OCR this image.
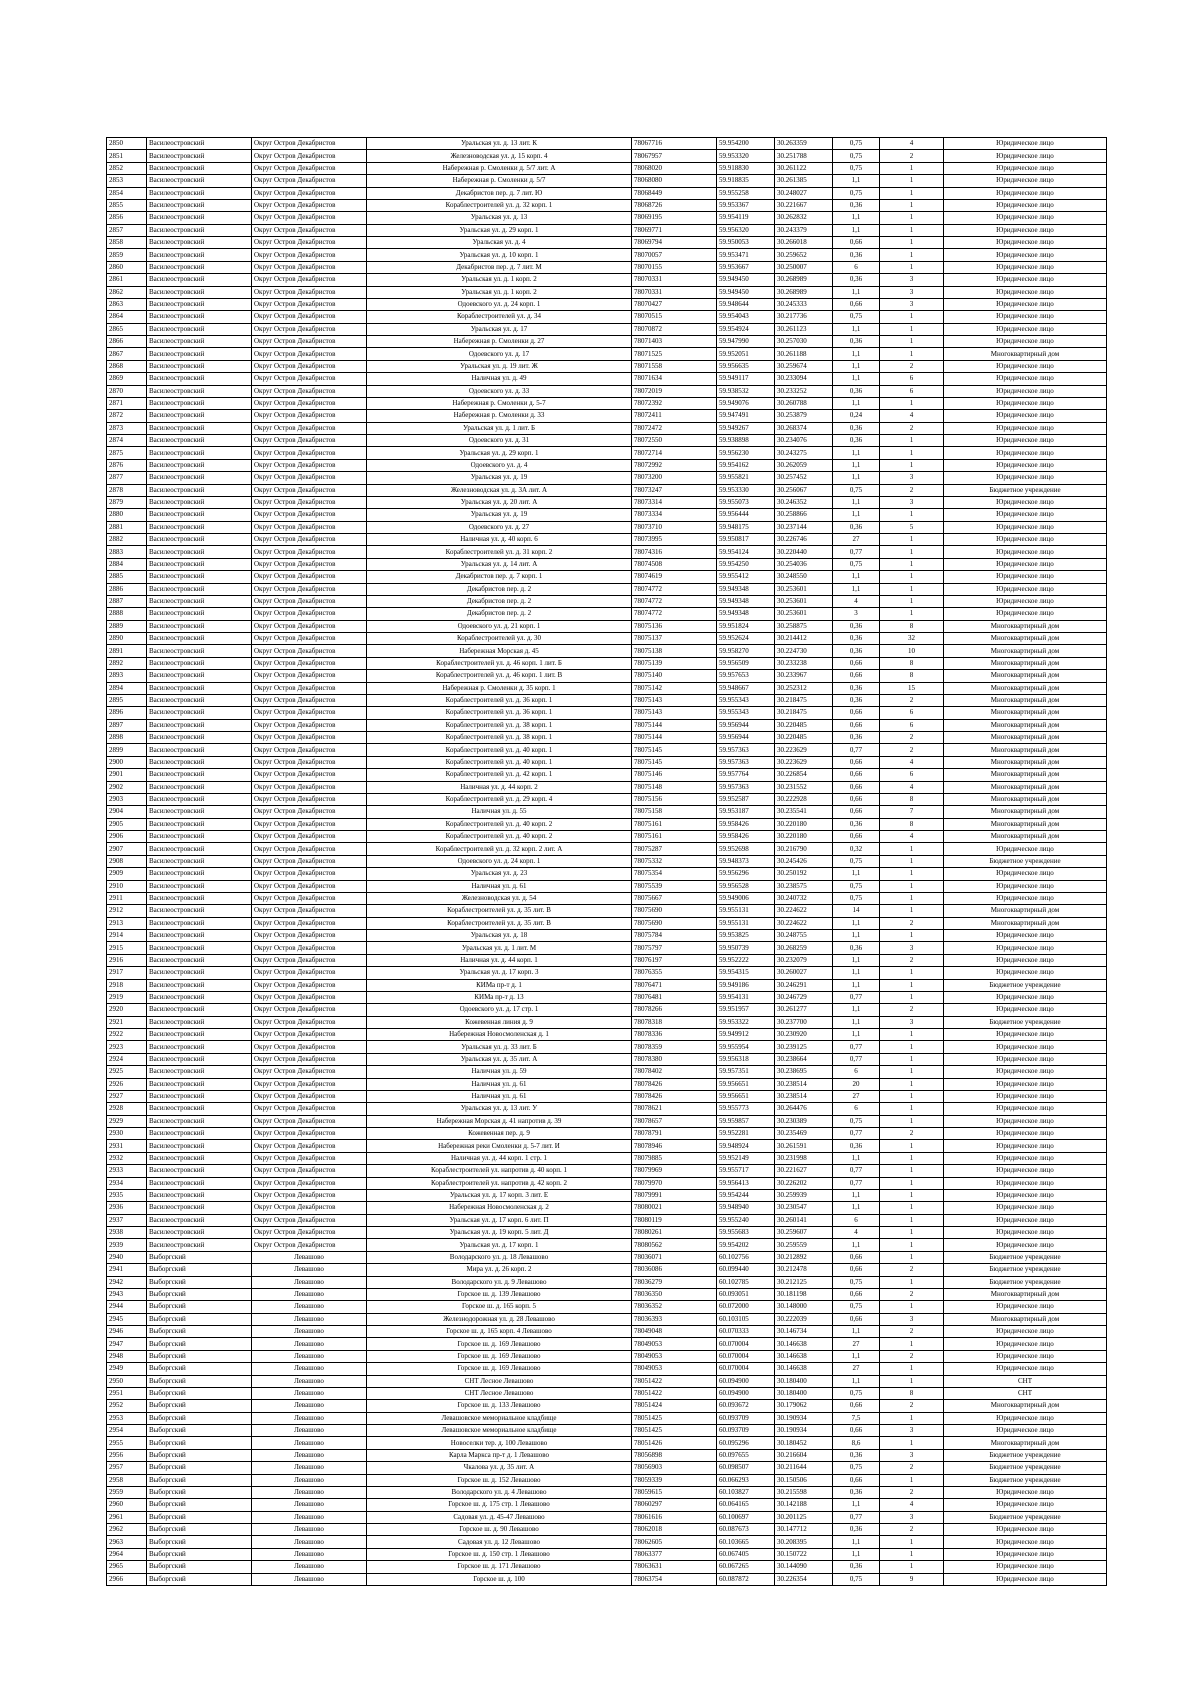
2850	Василеостровский	Округ Остров Декабристов	Уральская ул. д. 13 лит. К	78067716	59.954200	30.263359	0,75	4	Юридическое лицо
2851	Василеостровский	Округ Остров Декабристов	Железноводская ул. д. 15 корп. 4	78067957	59.953320	30.251788	0,75	2	Юридическое лицо
2852	Василеостровский	Округ Остров Декабристов	Набережная р. Смоленки д. 5/7 лит. А	78068020	59.918830	30.261122	0,75	1	Юридическое лицо
2853	Василеостровский	Округ Остров Декабристов	Набережная р. Смоленки д. 5/7	78068080	59.918835	30.261385	1,1	1	Юридическое лицо
2854	Василеостровский	Округ Остров Декабристов	Декабристов пер. д. 7 лит. Ю	78068449	59.955258	30.248027	0,75	1	Юридическое лицо
2855	Василеостровский	Округ Остров Декабристов	Кораблестроителей ул. д. 32 корп. 1	78068726	59.953367	30.221667	0,36	1	Юридическое лицо
2856	Василеостровский	Округ Остров Декабристов	Уральская ул. д. 13	78069195	59.954119	30.262832	1,1	1	Юридическое лицо
2857	Василеостровский	Округ Остров Декабристов	Уральская ул. д. 29 корп. 1	78069771	59.956320	30.243379	1,1	1	Юридическое лицо
2858	Василеостровский	Округ Остров Декабристов	Уральская ул. д. 4	78069794	59.950053	30.266018	0,66	1	Юридическое лицо
2859	Василеостровский	Округ Остров Декабристов	Уральская ул. д. 10 корп. 1	78070057	59.953471	30.259652	0,36	1	Юридическое лицо
2860	Василеостровский	Округ Остров Декабристов	Декабристов пер. д. 7 лит. М	78070155	59.953667	30.250007	6	1	Юридическое лицо
2861	Василеостровский	Округ Остров Декабристов	Уральская ул. д. 1 корп. 2	78070331	59.949450	30.268989	0,36	3	Юридическое лицо
2862	Василеостровский	Округ Остров Декабристов	Уральская ул. д. 1 корп. 2	78070331	59.949450	30.268989	1,1	3	Юридическое лицо
2863	Василеостровский	Округ Остров Декабристов	Одоевского ул. д. 24 корп. 1	78070427	59.948644	30.245333	0,66	3	Юридическое лицо
2864	Василеостровский	Округ Остров Декабристов	Кораблестроителей ул. д. 34	78070515	59.954043	30.217736	0,75	1	Юридическое лицо
2865	Василеостровский	Округ Остров Декабристов	Уральская ул. д. 17	78070872	59.954924	30.261123	1,1	1	Юридическое лицо
2866	Василеостровский	Округ Остров Декабристов	Набережная р. Смоленки д. 27	78071403	59.947990	30.257030	0,36	1	Юридическое лицо
2867	Василеостровский	Округ Остров Декабристов	Одоевского ул. д. 17	78071525	59.952051	30.261188	1,1	1	Многоквартирный дом
2868	Василеостровский	Округ Остров Декабристов	Уральская ул. д. 19 лит. Ж	78071558	59.956635	30.259674	1,1	2	Юридическое лицо
2869	Василеостровский	Округ Остров Декабристов	Наличная ул. д. 49	78071634	59.949117	30.233094	1,1	6	Юридическое лицо
2870	Василеостровский	Округ Остров Декабристов	Одоевского ул. д. 33	78072019	59.938532	30.233252	0,36	6	Юридическое лицо
2871	Василеостровский	Округ Остров Декабристов	Набережная р. Смоленки д. 5-7	78072392	59.949076	30.260788	1,1	1	Юридическое лицо
2872	Василеостровский	Округ Остров Декабристов	Набережная р. Смоленки д. 33	78072411	59.947491	30.253879	0,24	4	Юридическое лицо
2873	Василеостровский	Округ Остров Декабристов	Уральская ул. д. 1 лит. Б	78072472	59.949267	30.268374	0,36	2	Юридическое лицо
2874	Василеостровский	Округ Остров Декабристов	Одоевского ул. д. 31	78072550	59.938898	30.234076	0,36	1	Юридическое лицо
2875	Василеостровский	Округ Остров Декабристов	Уральская ул. д. 29 корп. 1	78072714	59.956230	30.243275	1,1	1	Юридическое лицо
2876	Василеостровский	Округ Остров Декабристов	Одоевского ул. д. 4	78072992	59.954162	30.262059	1,1	1	Юридическое лицо
2877	Василеостровский	Округ Остров Декабристов	Уральская ул. д. 19	78073200	59.955821	30.257452	1,1	3	Юридическое лицо
2878	Василеостровский	Округ Остров Декабристов	Железноводская ул. д. 3А лит. А	78073247	59.953330	30.256067	0,75	2	Бюджетное учреждение
2879	Василеостровский	Округ Остров Декабристов	Уральская ул. д. 20 лит. А	78073314	59.955073	30.246352	1,1	3	Юридическое лицо
2880	Василеостровский	Округ Остров Декабристов	Уральская ул. д. 19	78073334	59.956444	30.258866	1,1	1	Юридическое лицо
2881	Василеостровский	Округ Остров Декабристов	Одоевского ул. д. 27	78073710	59.948175	30.237144	0,36	5	Юридическое лицо
2882	Василеостровский	Округ Остров Декабристов	Наличная ул. д. 40 корп. 6	78073995	59.950817	30.226746	27	1	Юридическое лицо
2883	Василеостровский	Округ Остров Декабристов	Кораблестроителей ул. д. 31 корп. 2	78074316	59.954124	30.220440	0,77	1	Юридическое лицо
2884	Василеостровский	Округ Остров Декабристов	Уральская ул. д. 14 лит. А	78074508	59.954250	30.254036	0,75	1	Юридическое лицо
2885	Василеостровский	Округ Остров Декабристов	Декабристов пер. д. 7 корп. 1	78074619	59.955412	30.248550	1,1	1	Юридическое лицо
2886	Василеостровский	Округ Остров Декабристов	Декабристов пер. д. 2	78074772	59.949348	30.253601	1,1	1	Юридическое лицо
2887	Василеостровский	Округ Остров Декабристов	Декабристов пер. д. 2	78074772	59.949348	30.253601	4	1	Юридическое лицо
2888	Василеостровский	Округ Остров Декабристов	Декабристов пер. д. 2	78074772	59.949348	30.253601	3	1	Юридическое лицо
2889	Василеостровский	Округ Остров Декабристов	Одоевского ул. д. 21 корп. 1	78075136	59.951824	30.258875	0,36	8	Многоквартирный дом
2890	Василеостровский	Округ Остров Декабристов	Кораблестроителей ул. д. 30	78075137	59.952624	30.214412	0,36	32	Многоквартирный дом
2891	Василеостровский	Округ Остров Декабристов	Набережная Морская д. 45	78075138	59.958270	30.224730	0,36	10	Многоквартирный дом
2892	Василеостровский	Округ Остров Декабристов	Кораблестроителей ул. д. 46 корп. 1 лит. Б	78075139	59.956509	30.233238	0,66	8	Многоквартирный дом
2893	Василеостровский	Округ Остров Декабристов	Кораблестроителей ул. д. 46 корп. 1 лит. В	78075140	59.957653	30.233967	0,66	8	Многоквартирный дом
2894	Василеостровский	Округ Остров Декабристов	Набережная р. Смоленки д. 35 корп. 1	78075142	59.948667	30.252312	0,36	15	Многоквартирный дом
2895	Василеостровский	Округ Остров Декабристов	Кораблестроителей ул. д. 36 корп. 1	78075143	59.955343	30.218475	0,36	2	Многоквартирный дом
2896	Василеостровский	Округ Остров Декабристов	Кораблестроителей ул. д. 36 корп. 1	78075143	59.955343	30.218475	0,66	6	Многоквартирный дом
2897	Василеостровский	Округ Остров Декабристов	Кораблестроителей ул. д. 38 корп. 1	78075144	59.956944	30.220485	0,66	6	Многоквартирный дом
2898	Василеостровский	Округ Остров Декабристов	Кораблестроителей ул. д. 38 корп. 1	78075144	59.956944	30.220485	0,36	2	Многоквартирный дом
2899	Василеостровский	Округ Остров Декабристов	Кораблестроителей ул. д. 40 корп. 1	78075145	59.957363	30.223629	0,77	2	Многоквартирный дом
2900	Василеостровский	Округ Остров Декабристов	Кораблестроителей ул. д. 40 корп. 1	78075145	59.957363	30.223629	0,66	4	Многоквартирный дом
2901	Василеостровский	Округ Остров Декабристов	Кораблестроителей ул. д. 42 корп. 1	78075146	59.957764	30.226854	0,66	6	Многоквартирный дом
2902	Василеостровский	Округ Остров Декабристов	Наличная ул. д. 44 корп. 2	78075148	59.957363	30.231552	0,66	4	Многоквартирный дом
2903	Василеостровский	Округ Остров Декабристов	Кораблестроителей ул. д. 29 корп. 4	78075156	59.952587	30.222928	0,66	8	Многоквартирный дом
2904	Василеостровский	Округ Остров Декабристов	Наличная ул. д. 55	78075158	59.953187	30.235541	0,66	7	Многоквартирный дом
2905	Василеостровский	Округ Остров Декабристов	Кораблестроителей ул. д. 40 корп. 2	78075161	59.958426	30.220180	0,36	8	Многоквартирный дом
2906	Василеостровский	Округ Остров Декабристов	Кораблестроителей ул. д. 40 корп. 2	78075161	59.958426	30.220180	0,66	4	Многоквартирный дом
2907	Василеостровский	Округ Остров Декабристов	Кораблестроителей ул. д. 32 корп. 2 лит. А	78075287	59.952698	30.216790	0,32	1	Юридическое лицо
2908	Василеостровский	Округ Остров Декабристов	Одоевского ул. д. 24 корп. 1	78075332	59.948373	30.245426	0,75	1	Бюджетное учреждение
2909	Василеостровский	Округ Остров Декабристов	Уральская ул. д. 23	78075354	59.956296	30.250192	1,1	1	Юридическое лицо
2910	Василеостровский	Округ Остров Декабристов	Наличная ул. д. 61	78075539	59.956528	30.238575	0,75	1	Юридическое лицо
2911	Василеостровский	Округ Остров Декабристов	Железноводская ул. д. 54	78075667	59.949006	30.240732	0,75	1	Юридическое лицо
2912	Василеостровский	Округ Остров Декабристов	Кораблестроителей ул. д. 35 лит. В	78075690	59.955131	30.224622	14	1	Многоквартирный дом
2913	Василеостровский	Округ Остров Декабристов	Кораблестроителей ул. д. 35 лит. В	78075690	59.955131	30.224622	1,1	2	Многоквартирный дом
2914	Василеостровский	Округ Остров Декабристов	Уральская ул. д. 18	78075784	59.953825	30.248755	1,1	1	Юридическое лицо
2915	Василеостровский	Округ Остров Декабристов	Уральская ул. д. 1 лит. М	78075797	59.950739	30.268259	0,36	3	Юридическое лицо
2916	Василеостровский	Округ Остров Декабристов	Наличная ул. д. 44 корп. 1	78076197	59.952222	30.232079	1,1	2	Юридическое лицо
2917	Василеостровский	Округ Остров Декабристов	Уральская ул. д. 17 корп. 3	78076355	59.954315	30.260027	1,1	1	Юридическое лицо
2918	Василеостровский	Округ Остров Декабристов	КИМа пр-т д. 1	78076471	59.949186	30.246291	1,1	1	Бюджетное учреждение
2919	Василеостровский	Округ Остров Декабристов	КИМа пр-т д. 13	78076481	59.954131	30.246729	0,77	1	Юридическое лицо
2920	Василеостровский	Округ Остров Декабристов	Одоевского ул. д. 17 стр. 1	78078266	59.951957	30.261277	1,1	2	Юридическое лицо
2921	Василеостровский	Округ Остров Декабристов	Кожевенная линия д. 9	78078318	59.953322	30.237700	1,1	3	Бюджетное учреждение
2922	Василеостровский	Округ Остров Декабристов	Набережная Новосмоленская д. 1	78078336	59.949912	30.230920	1,1	1	Юридическое лицо
2923	Василеостровский	Округ Остров Декабристов	Уральская ул. д. 33 лит. Б	78078359	59.955954	30.239125	0,77	1	Юридическое лицо
2924	Василеостровский	Округ Остров Декабристов	Уральская ул. д. 35 лит. А	78078380	59.956318	30.238664	0,77	1	Юридическое лицо
2925	Василеостровский	Округ Остров Декабристов	Наличная ул. д. 59	78078402	59.957351	30.238695	6	1	Юридическое лицо
2926	Василеостровский	Округ Остров Декабристов	Наличная ул. д. 61	78078426	59.956651	30.238514	20	1	Юридическое лицо
2927	Василеостровский	Округ Остров Декабристов	Наличная ул. д. 61	78078426	59.956651	30.238514	27	1	Юридическое лицо
2928	Василеостровский	Округ Остров Декабристов	Уральская ул. д. 13 лит. У	78078621	59.955773	30.264476	6	1	Юридическое лицо
2929	Василеостровский	Округ Остров Декабристов	Набережная Морская д. 41 напротив д. 39	78078657	59.959857	30.230389	0,75	1	Юридическое лицо
2930	Василеостровский	Округ Остров Декабристов	Кожевенная пер. д. 9	78078791	59.952281	30.235469	0,77	2	Юридическое лицо
2931	Василеостровский	Округ Остров Декабристов	Набережная реки Смоленки д. 5-7 лит. И	78078946	59.948924	30.261591	0,36	1	Юридическое лицо
2932	Василеостровский	Округ Остров Декабристов	Наличная ул. д. 44 корп. 1 стр. 1	78079885	59.952149	30.231998	1,1	1	Юридическое лицо
2933	Василеостровский	Округ Остров Декабристов	Кораблестроителей ул. напротив д. 40 корп. 1	78079969	59.955717	30.221627	0,77	1	Юридическое лицо
2934	Василеостровский	Округ Остров Декабристов	Кораблестроителей ул. напротив д. 42 корп. 2	78079970	59.956413	30.226202	0,77	1	Юридическое лицо
2935	Василеостровский	Округ Остров Декабристов	Уральская ул. д. 17 корп. 3 лит. Е	78079991	59.954244	30.259939	1,1	1	Юридическое лицо
2936	Василеостровский	Округ Остров Декабристов	Набережная Новосмоленская д. 2	78080021	59.948940	30.230547	1,1	1	Юридическое лицо
2937	Василеостровский	Округ Остров Декабристов	Уральская ул. д. 17 корп. 6 лит. П	78080119	59.955240	30.260141	6	1	Юридическое лицо
2938	Василеостровский	Округ Остров Декабристов	Уральская ул. д. 19 корп. 5 лит. Д	78080261	59.955683	30.259607	4	1	Юридическое лицо
2939	Василеостровский	Округ Остров Декабристов	Уральская ул. д. 17 корп. 1	78080562	59.954202	30.259559	1,1	1	Юридическое лицо
2940	Выборгский	Левашово	Володарского ул. д. 18 Левашово	78036071	60.102756	30.212892	0,66	1	Бюджетное учреждение
2941	Выборгский	Левашово	Мира ул. д. 26 корп. 2	78036086	60.099440	30.212478	0,66	2	Бюджетное учреждение
2942	Выборгский	Левашово	Володарского ул. д. 9 Левашово	78036279	60.102785	30.212125	0,75	1	Бюджетное учреждение
2943	Выборгский	Левашово	Горское ш. д. 139 Левашово	78036350	60.093051	30.181198	0,66	2	Многоквартирный дом
2944	Выборгский	Левашово	Горское ш. д. 165 корп. 5	78036352	60.072000	30.148000	0,75	1	Юридическое лицо
2945	Выборгский	Левашово	Железнодорожная ул. д. 28 Левашово	78036393	60.103105	30.222039	0,66	3	Многоквартирный дом
2946	Выборгский	Левашово	Горское ш. д. 165 корп. 4 Левашово	78049048	60.070333	30.146734	1,1	2	Юридическое лицо
2947	Выборгский	Левашово	Горское ш. д. 169 Левашово	78049053	60.070004	30.146638	27	1	Юридическое лицо
2948	Выборгский	Левашово	Горское ш. д. 169 Левашово	78049053	60.070004	30.146638	1,1	2	Юридическое лицо
2949	Выборгский	Левашово	Горское ш. д. 169 Левашово	78049053	60.070004	30.146638	27	1	Юридическое лицо
2950	Выборгский	Левашово	СНТ Лесное Левашово	78051422	60.094900	30.180400	1,1	1	СНТ
2951	Выборгский	Левашово	СНТ Лесное Левашово	78051422	60.094900	30.180400	0,75	8	СНТ
2952	Выборгский	Левашово	Горское ш. д. 133 Левашово	78051424	60.093672	30.179062	0,66	2	Многоквартирный дом
2953	Выборгский	Левашово	Левашовское мемориальное кладбище	78051425	60.093709	30.190934	7,5	1	Юридическое лицо
2954	Выборгский	Левашово	Левашовское мемориальное кладбище	78051425	60.093709	30.190934	0,66	3	Юридическое лицо
2955	Выборгский	Левашово	Новоселки тер. д. 100 Левашово	78051426	60.095296	30.180452	8,6	1	Многоквартирный дом
2956	Выборгский	Левашово	Карла Маркса пр-т д. 1 Левашово	78056898	60.097655	30.216604	0,36	3	Бюджетное учреждение
2957	Выборгский	Левашово	Чкалова ул. д. 35 лит. А	78056903	60.098507	30.211644	0,75	2	Бюджетное учреждение
2958	Выборгский	Левашово	Горское ш. д. 152 Левашово	78059339	60.066293	30.150506	0,66	1	Бюджетное учреждение
2959	Выборгский	Левашово	Володарского ул. д. 4 Левашово	78059615	60.103827	30.215598	0,36	2	Юридическое лицо
2960	Выборгский	Левашово	Горское ш. д. 175 стр. 1 Левашово	78060297	60.064165	30.142188	1,1	4	Юридическое лицо
2961	Выборгский	Левашово	Садовая ул. д. 45-47 Левашово	78061616	60.100697	30.201125	0,77	3	Бюджетное учреждение
2962	Выборгский	Левашово	Горское ш. д. 90 Левашово	78062018	60.087673	30.147712	0,36	2	Юридическое лицо
2963	Выборгский	Левашово	Садовая ул. д. 12 Левашово	78062605	60.103665	30.208395	1,1	1	Юридическое лицо
2964	Выборгский	Левашово	Горское ш. д. 150 стр. 1 Левашово	78063377	60.067405	30.150722	1,1	1	Юридическое лицо
2965	Выборгский	Левашово	Горское ш. д. 171 Левашово	78063631	60.067265	30.144090	0,36	1	Юридическое лицо
2966	Выборгский	Левашово	Горское ш. д. 100	78063754	60.087872	30.226354	0,75	9	Юридическое лицо
